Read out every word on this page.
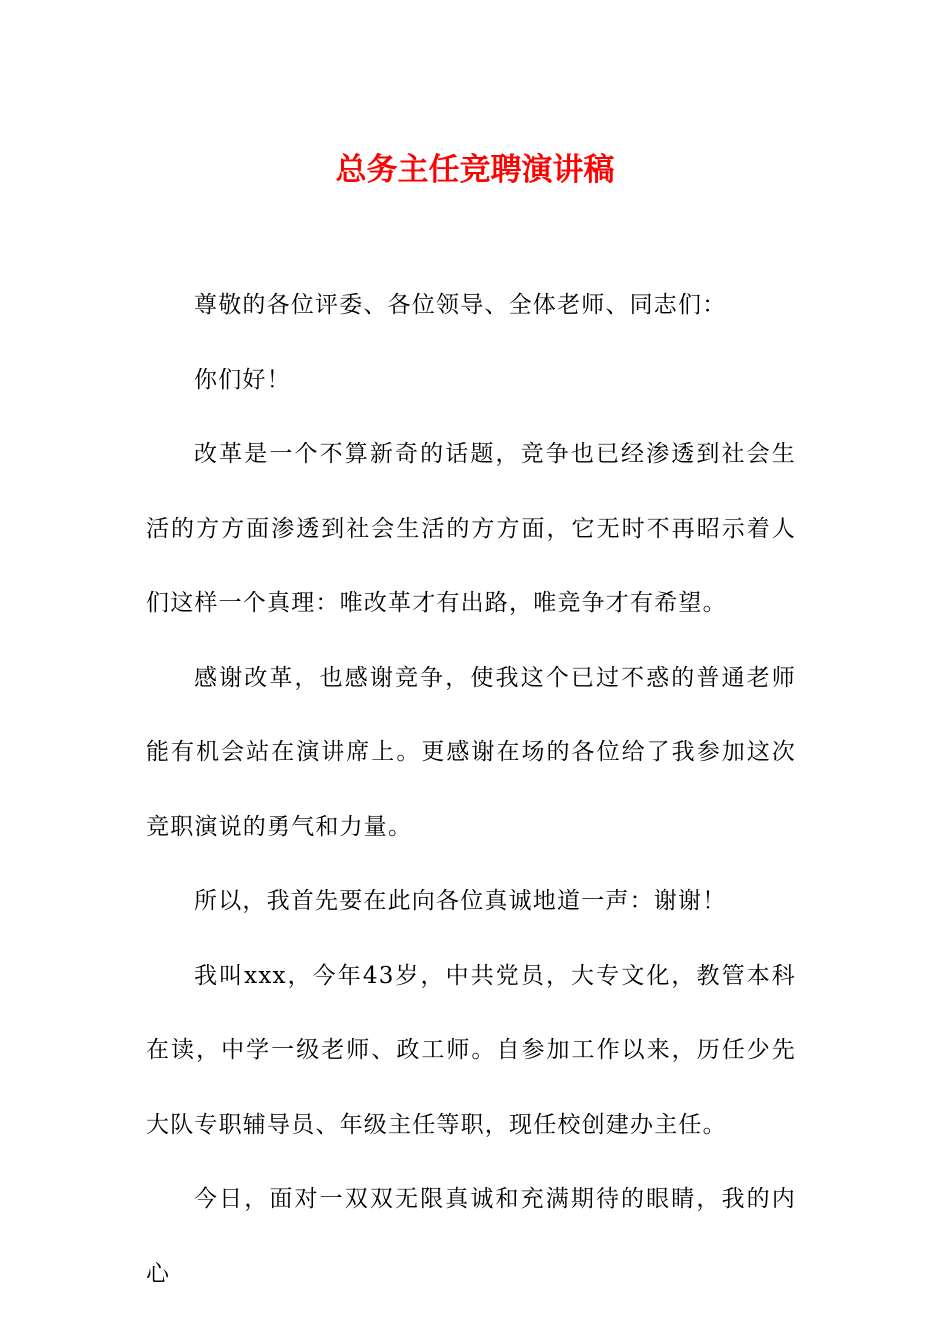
总务主任竞聘演讲稿

尊敬的各位评委、各位领导、全体老师、同志们：

你们好！

改革是一个不算新奇的话题，竞争也已经渗透到社会生活的方方面渗透到社会生活的方方面，它无时不再昭示着人们这样一个真理：唯改革才有出路，唯竞争才有希望。

感谢改革，也感谢竞争，使我这个已过不惑的普通老师能有机会站在演讲席上。更感谢在场的各位给了我参加这次竞职演说的勇气和力量。

所以，我首先要在此向各位真诚地道一声：谢谢！

我叫xxx，今年43岁，中共党员，大专文化，教管本科在读，中学一级老师、政工师。自参加工作以来，历任少先大队专职辅导员、年级主任等职，现任校创建办主任。

今日，面对一双双无限真诚和充满期待的眼睛，我的内心
